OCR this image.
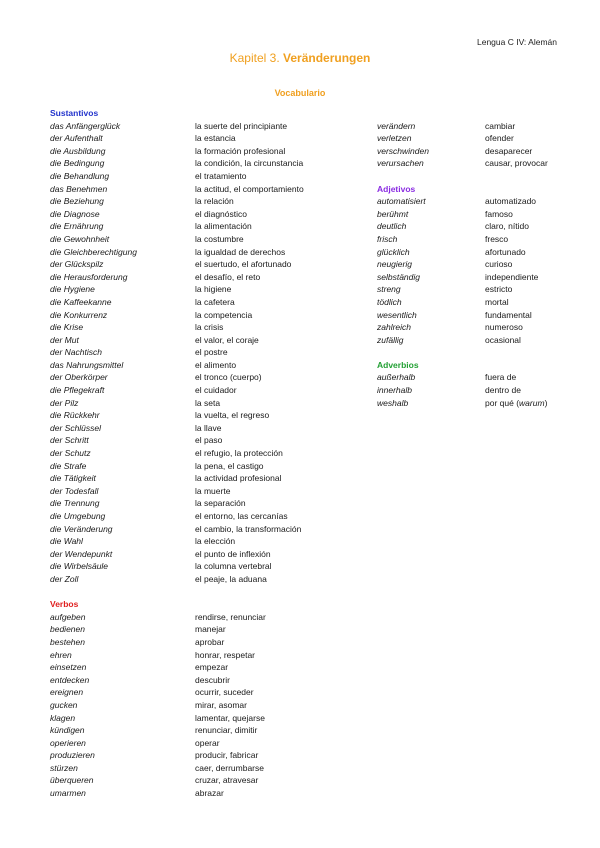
Lengua C IV: Alemán
Kapitel 3. Veränderungen
Vocabulario
Sustantivos
das Anfängerglück	la suerte del principiante
der Aufenthalt	la estancia
die Ausbildung	la formación profesional
die Bedingung	la condición, la circunstancia
die Behandlung	el tratamiento
das Benehmen	la actitud, el comportamiento
die Beziehung	la relación
die Diagnose	el diagnóstico
die Ernährung	la alimentación
die Gewohnheit	la costumbre
die Gleichberechtigung	la igualdad de derechos
der Glückspilz	el suertudo, el afortunado
die Herausforderung	el desafío, el reto
die Hygiene	la higiene
die Kaffeekanne	la cafetera
die Konkurrenz	la competencia
die Krise	la crisis
der Mut	el valor, el coraje
der Nachtisch	el postre
das Nahrungsmittel	el alimento
der Oberkörper	el tronco (cuerpo)
die Pflegekraft	el cuidador
der Pilz	la seta
die Rückkehr	la vuelta, el regreso
der Schlüssel	la llave
der Schritt	el paso
der Schutz	el refugio, la protección
die Strafe	la pena, el castigo
die Tätigkeit	la actividad profesional
der Todesfall	la muerte
die Trennung	la separación
die Umgebung	el entorno, las cercanías
die Veränderung	el cambio, la transformación
die Wahl	la elección
der Wendepunkt	el punto de inflexión
die Wirbelsäule	la columna vertebral
der Zoll	el peaje, la aduana
Verbos
aufgeben	rendirse, renunciar
bedienen	manejar
bestehen	aprobar
ehren	honrar, respetar
einsetzen	empezar
entdecken	descubrir
ereignen	ocurrir, suceder
gucken	mirar, asomar
klagen	lamentar, quejarse
kündigen	renunciar, dimitir
operieren	operar
produzieren	producir, fabricar
stürzen	caer, derrumbarse
überqueren	cruzar, atravesar
umarmen	abrazar
verändern	cambiar
verletzen	ofender
verschwinden	desaparecer
verursachen	causar, provocar
Adjetivos
automatisiert	automatizado
berühmt	famoso
deutlich	claro, nítido
frisch	fresco
glücklich	afortunado
neugierig	curioso
selbständig	independiente
streng	estricto
tödlich	mortal
wesentlich	fundamental
zahlreich	numeroso
zufällig	ocasional
Adverbios
außerhalb	fuera de
innerhalb	dentro de
weshalb	por qué (warum)
